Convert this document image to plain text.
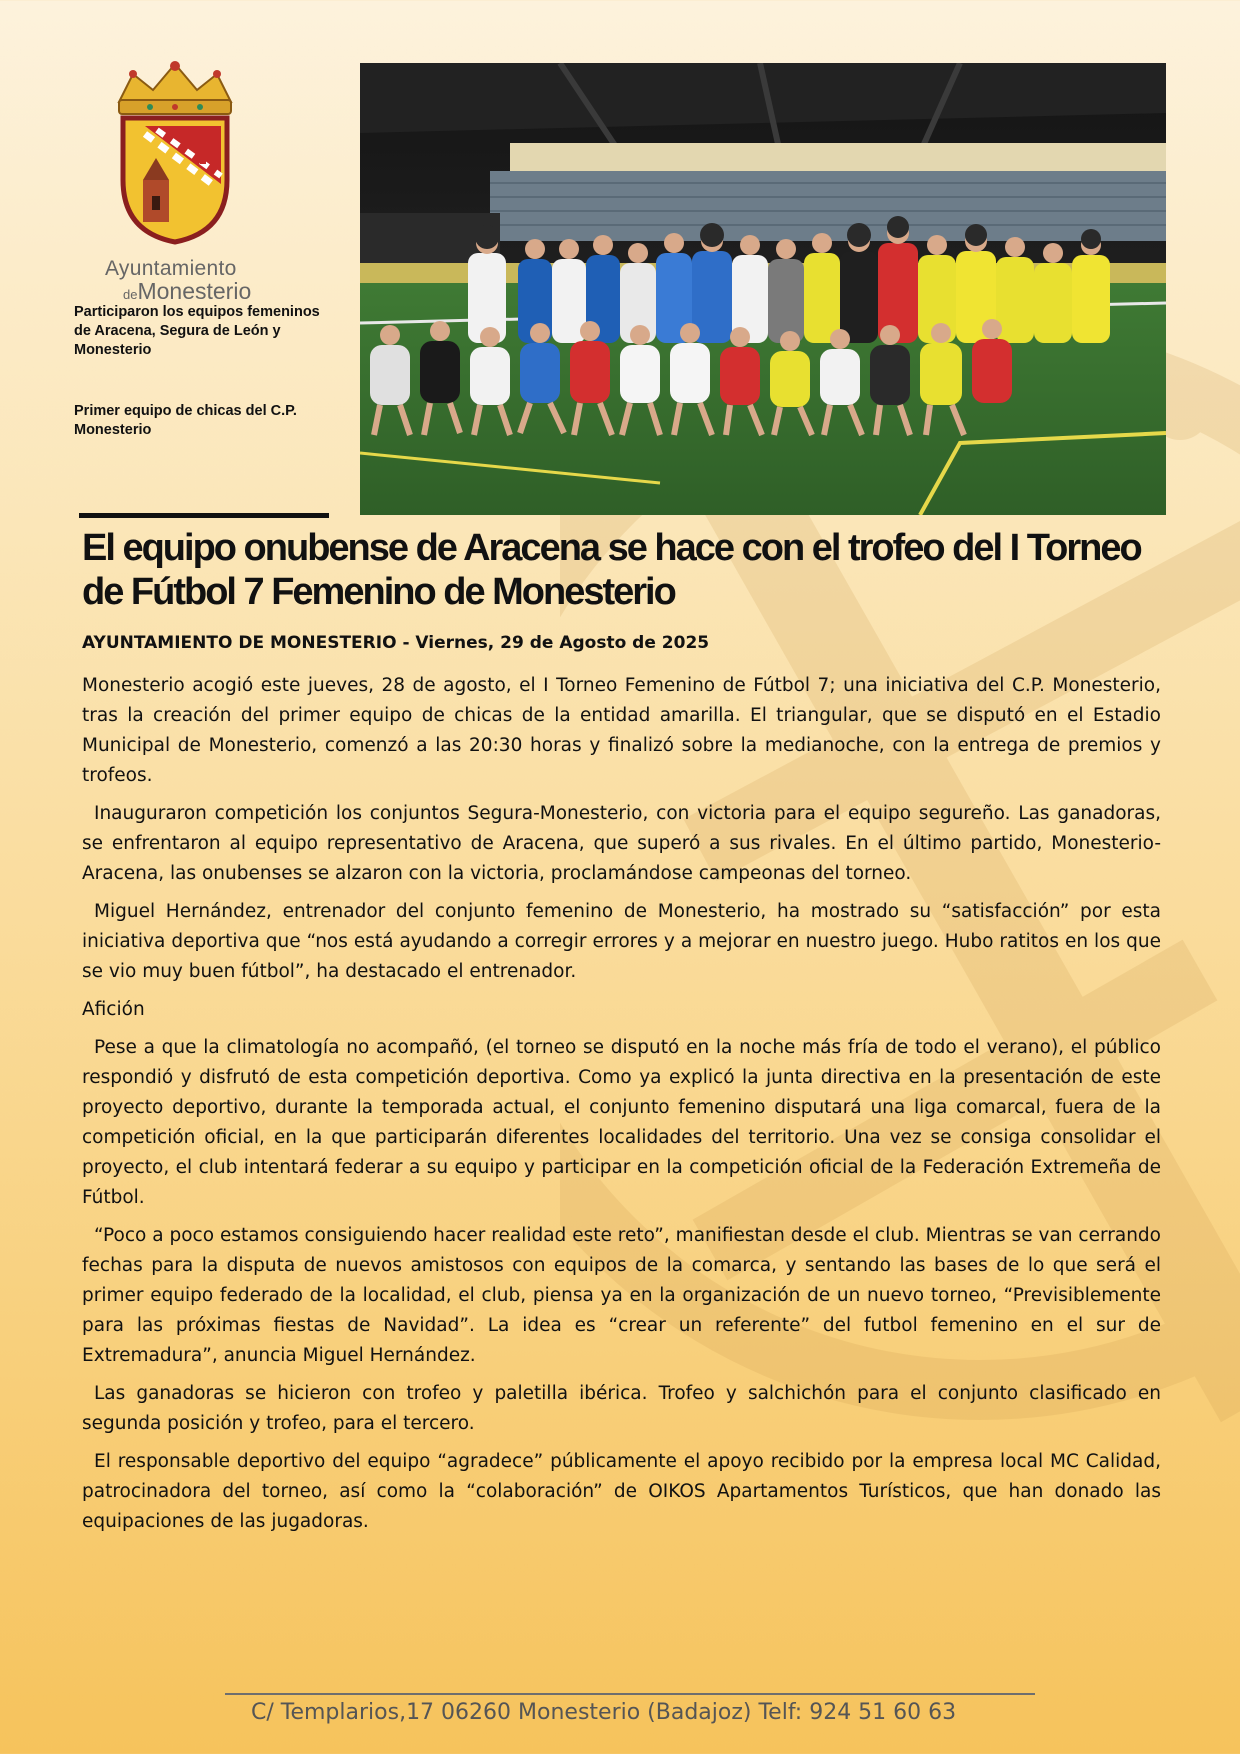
Ayuntamiento
deMonesterio
Participaron los equipos femeninos de Aracena, Segura de León y Monesterio
Primer equipo de chicas del C.P. Monesterio
El equipo onubense de Aracena se hace con el trofeo del I Torneo de Fútbol 7 Femenino de Monesterio
AYUNTAMIENTO DE MONESTERIO - Viernes, 29 de Agosto de 2025

Monesterio acogió este jueves, 28 de agosto, el I Torneo Femenino de Fútbol 7; una iniciativa del C.P. Monesterio, tras la creación del primer equipo de chicas de la entidad amarilla. El triangular, que se disputó en el Estadio Municipal de Monesterio, comenzó a las 20:30 horas y finalizó sobre la medianoche, con la entrega de premios y trofeos.

Inauguraron competición los conjuntos Segura-Monesterio, con victoria para el equipo segureño. Las ganadoras, se enfrentaron al equipo representativo de Aracena, que superó a sus rivales. En el último partido, Monesterio-Aracena, las onubenses se alzaron con la victoria, proclamándose campeonas del torneo.

Miguel Hernández, entrenador del conjunto femenino de Monesterio, ha mostrado su “satisfacción” por esta iniciativa deportiva que “nos está ayudando a corregir errores y a mejorar en nuestro juego. Hubo ratitos en los que se vio muy buen fútbol”, ha destacado el entrenador.

Afición

Pese a que la climatología no acompañó, (el torneo se disputó en la noche más fría de todo el verano), el público respondió y disfrutó de esta competición deportiva. Como ya explicó la junta directiva en la presentación de este proyecto deportivo, durante la temporada actual, el conjunto femenino disputará una liga comarcal, fuera de la competición oficial, en la que participarán diferentes localidades del territorio. Una vez se consiga consolidar el proyecto, el club intentará federar a su equipo y participar en la competición oficial de la Federación Extremeña de Fútbol.

“Poco a poco estamos consiguiendo hacer realidad este reto”, manifiestan desde el club. Mientras se van cerrando fechas para la disputa de nuevos amistosos con equipos de la comarca, y sentando las bases de lo que será el primer equipo federado de la localidad, el club, piensa ya en la organización de un nuevo torneo, “Previsiblemente para las próximas fiestas de Navidad”. La idea es “crear un referente” del futbol femenino en el sur de Extremadura”, anuncia Miguel Hernández.

Las ganadoras se hicieron con trofeo y paletilla ibérica. Trofeo y salchichón para el conjunto clasificado en segunda posición y trofeo, para el tercero.

El responsable deportivo del equipo “agradece” públicamente el apoyo recibido por la empresa local MC Calidad, patrocinadora del torneo, así como la “colaboración” de OIKOS Apartamentos Turísticos, que han donado las equipaciones de las jugadoras.

C/ Templarios,17 06260 Monesterio (Badajoz) Telf: 924 51 60 63
